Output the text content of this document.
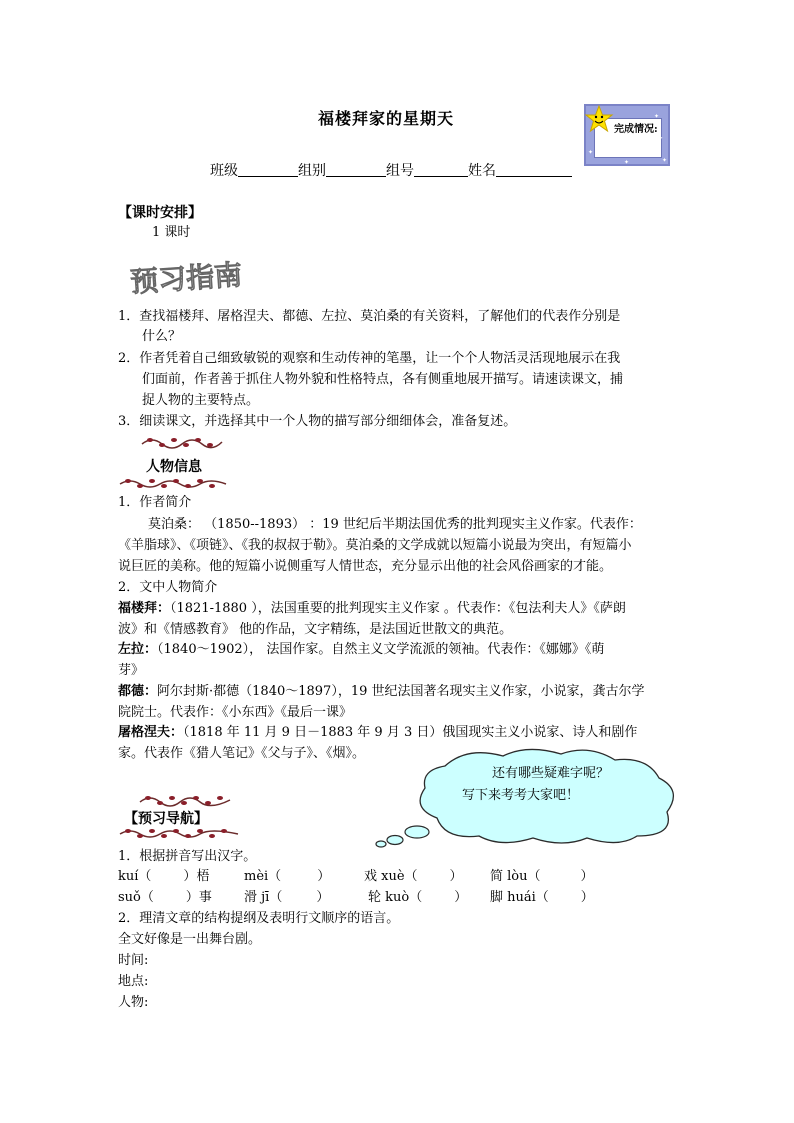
福楼拜家的星期天	✦
✦
✦
✦
✦
完成情况:
班级	组别	组号	姓名
【课时安排】
1 课时
预习指南
1．查找福楼拜、屠格涅夫、都德、左拉、莫泊桑的有关资料，了解他们的代表作分别是
什么？
2．作者凭着自己细致敏锐的观察和生动传神的笔墨，让一个个人物活灵活现地展示在我
们面前，作者善于抓住人物外貌和性格特点，各有侧重地展开描写。请速读课文，捕
捉人物的主要特点。
3．细读课文，并选择其中一个人物的描写部分细细体会，准备复述。
人物信息
1．作者简介
莫泊桑： （1850--1893） ：19 世纪后半期法国优秀的批判现实主义作家。代表作：
《羊脂球》、《项链》、《我的叔叔于勒》。莫泊桑的文学成就以短篇小说最为突出，有短篇小
说巨匠的美称。他的短篇小说侧重写人情世态，充分显示出他的社会风俗画家的才能。
2．文中人物简介
福楼拜：（1821-1880 ），法国重要的批判现实主义作家 。代表作：《包法利夫人》《萨朗
波》和《情感教育》 他的作品，文字精练，是法国近世散文的典范。
左拉：（1840～1902）， 法国作家。自然主义文学流派的领袖。代表作：《娜娜》《萌
芽》
都德：阿尔封斯·都德（1840～1897），19 世纪法国著名现实主义作家，小说家，龚古尔学
院院士。代表作：《小东西》《最后一课》
屠格涅夫：（1818 年 11 月 9 日－1883 年 9 月 3 日）俄国现实主义小说家、诗人和剧作
家。代表作《猎人笔记》《父与子》、《烟》。
还有哪些疑难字呢？
写下来考考大家吧！
【预习导航】
1．根据拼音写出汉字。
kuí（ ）梧	mèi（	）	戏 xuè（ ） 简 lòu（	）
suǒ（ ）事 滑 jī（	）	轮 kuò（ ） 脚 huái（ ）
2．理清文章的结构提纲及表明行文顺序的语言。
全文好像是一出舞台剧。
时间:
地点:
人物:
